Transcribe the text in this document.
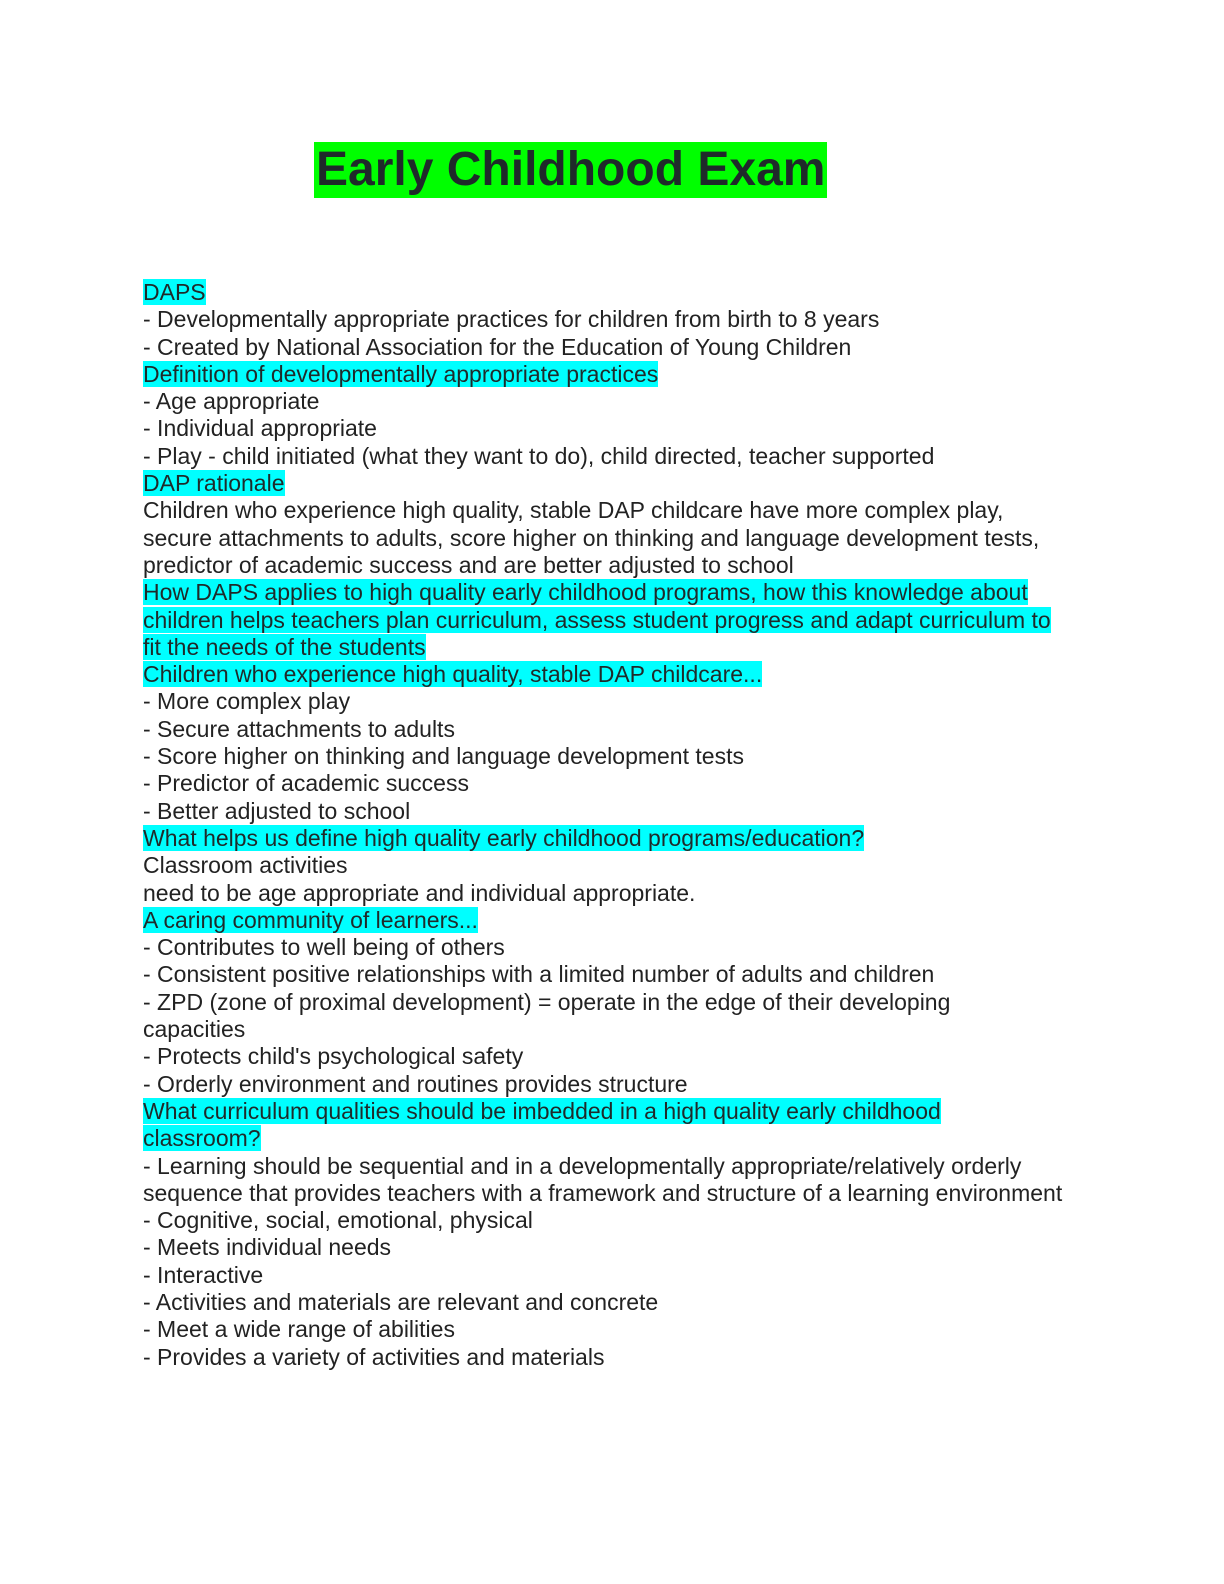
Early Childhood Exam
DAPS
- Developmentally appropriate practices for children from birth to 8 years
- Created by National Association for the Education of Young Children
Definition of developmentally appropriate practices
- Age appropriate
- Individual appropriate
- Play - child initiated (what they want to do), child directed, teacher supported
DAP rationale
Children who experience high quality, stable DAP childcare have more complex play, secure attachments to adults, score higher on thinking and language development tests, predictor of academic success and are better adjusted to school
How DAPS applies to high quality early childhood programs, how this knowledge about children helps teachers plan curriculum, assess student progress and adapt curriculum to fit the needs of the students
Children who experience high quality, stable DAP childcare...
- More complex play
- Secure attachments to adults
- Score higher on thinking and language development tests
- Predictor of academic success
- Better adjusted to school
What helps us define high quality early childhood programs/education?
Classroom activities
need to be age appropriate and individual appropriate.
A caring community of learners...
- Contributes to well being of others
- Consistent positive relationships with a limited number of adults and children
- ZPD (zone of proximal development) = operate in the edge of their developing capacities
- Protects child's psychological safety
- Orderly environment and routines provides structure
What curriculum qualities should be imbedded in a high quality early childhood classroom?
- Learning should be sequential and in a developmentally appropriate/relatively orderly sequence that provides teachers with a framework and structure of a learning environment
- Cognitive, social, emotional, physical
- Meets individual needs
- Interactive
- Activities and materials are relevant and concrete
- Meet a wide range of abilities
- Provides a variety of activities and materials
